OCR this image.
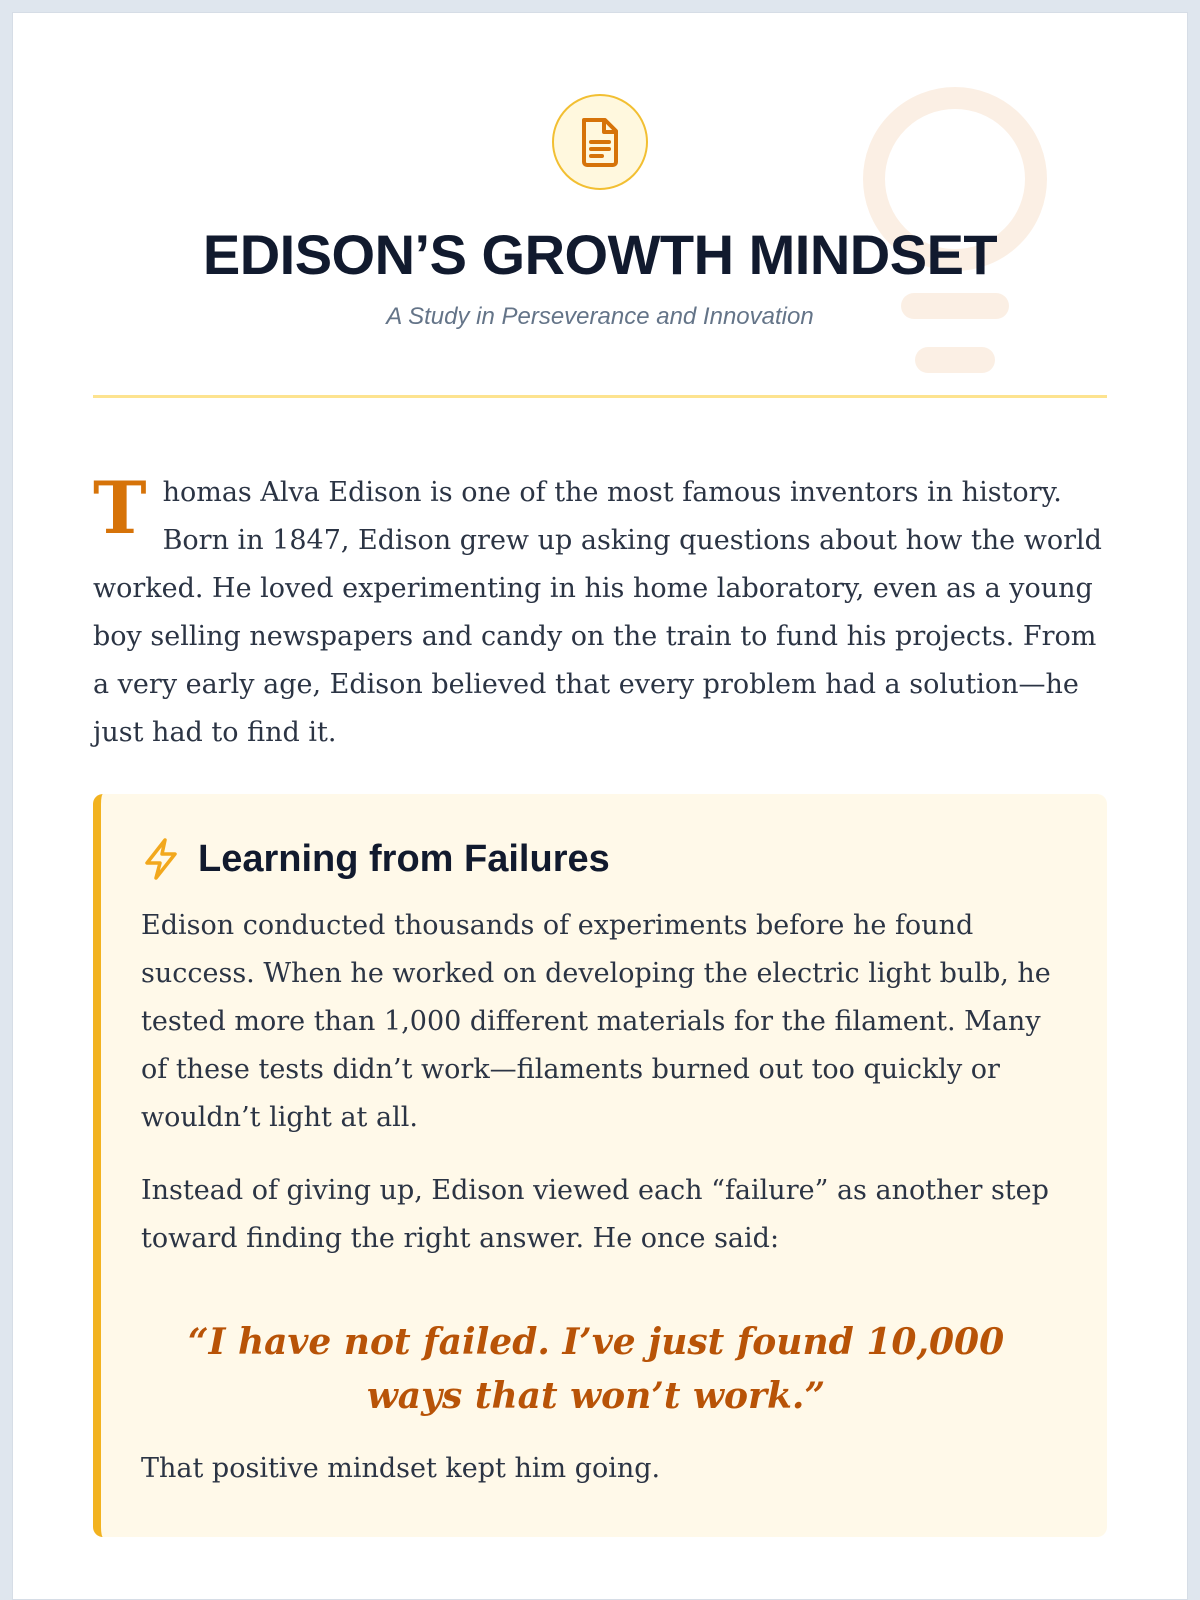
EDISON’S GROWTH MINDSET
A Study in Perseverance and Innovation

Thomas Alva Edison is one of the most famous inventors in history. Born in 1847, Edison grew up asking questions about how the world worked. He loved experimenting in his home laboratory, even as a young boy selling newspapers and candy on the train to fund his projects. From a very early age, Edison believed that every problem had a solution—he just had to find it.

Learning from Failures

Edison conducted thousands of experiments before he found success. When he worked on developing the electric light bulb, he tested more than 1,000 different materials for the filament. Many of these tests didn’t work—filaments burned out too quickly or wouldn’t light at all.

Instead of giving up, Edison viewed each “failure” as another step toward finding the right answer. He once said:

“I have not failed. I’ve just found 10,000 ways that won’t work.”

That positive mindset kept him going.
